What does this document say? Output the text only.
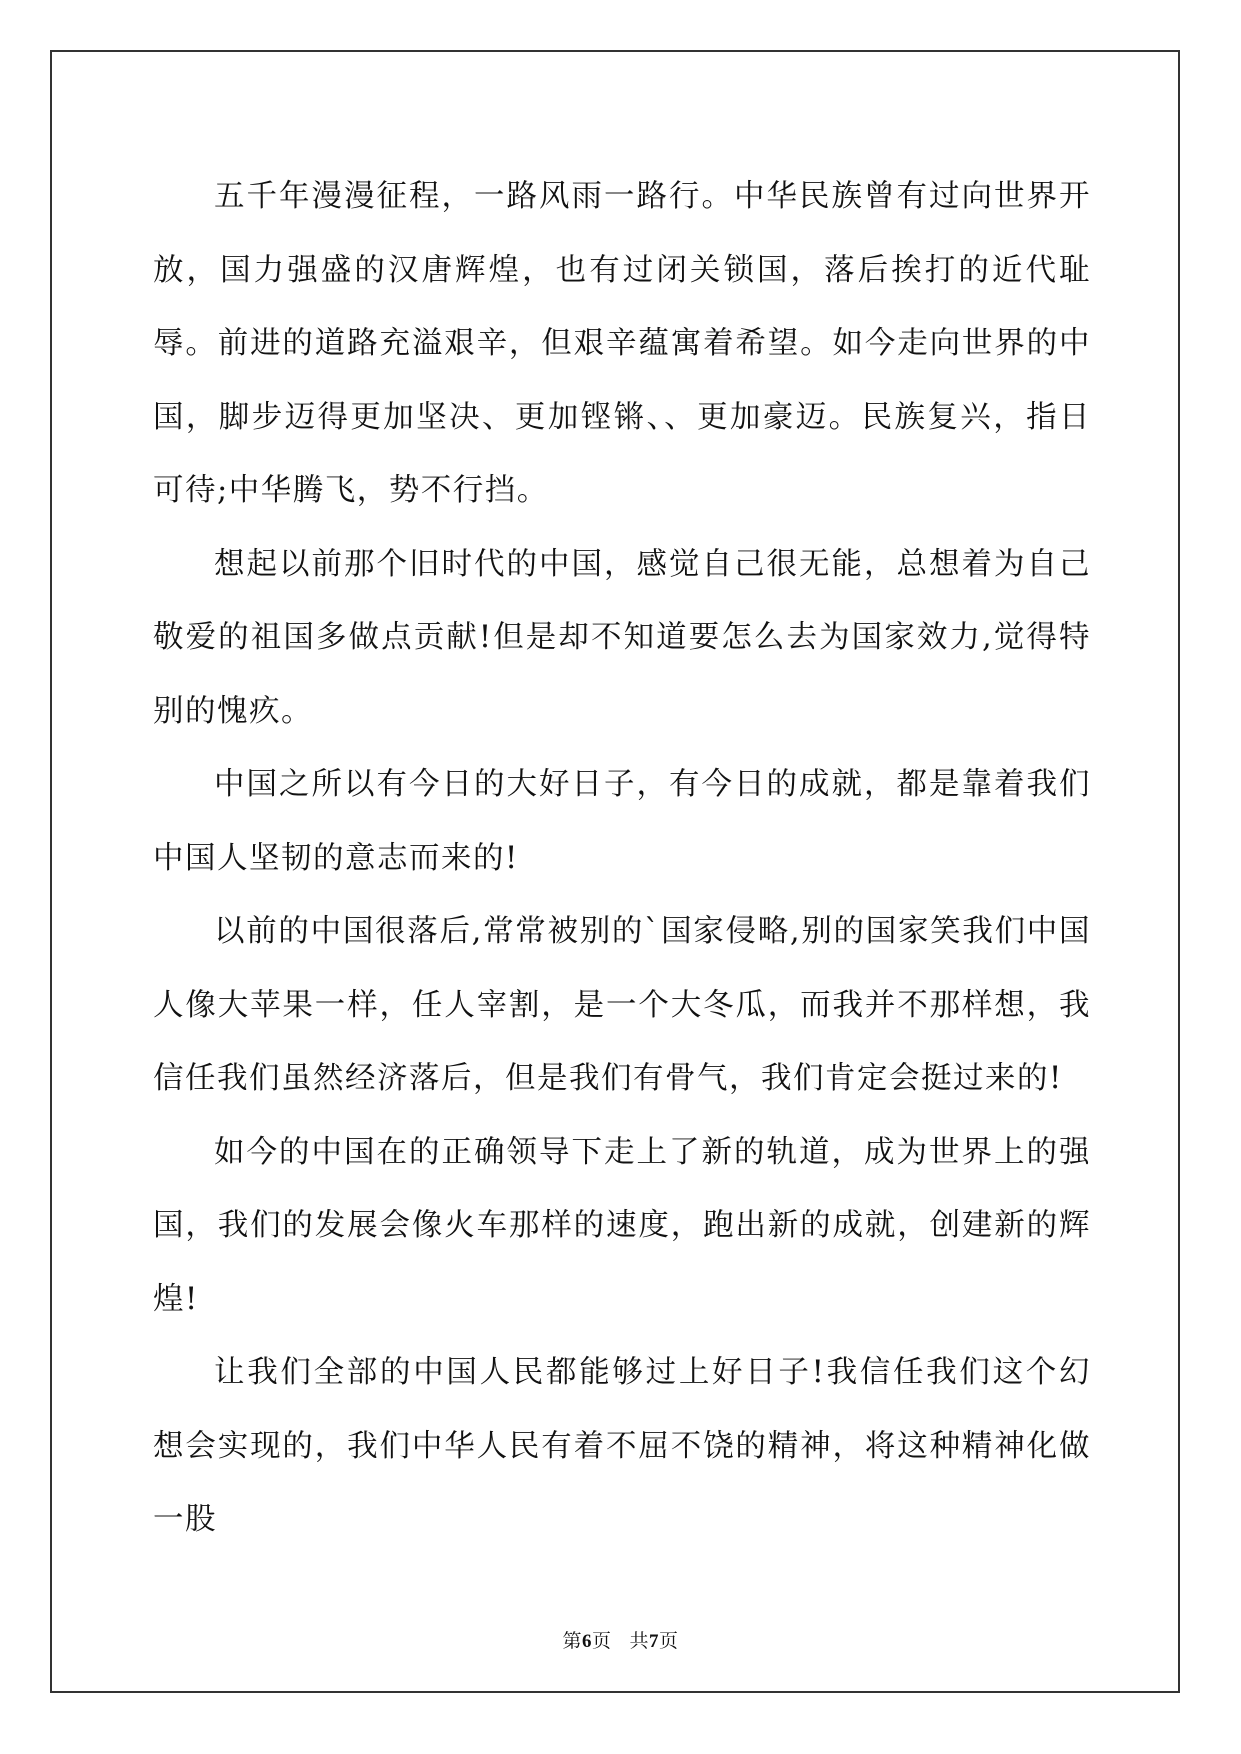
五千年漫漫征程，一路风雨一路行。中华民族曾有过向世界开放，国力强盛的汉唐辉煌，也有过闭关锁国，落后挨打的近代耻辱。前进的道路充溢艰辛，但艰辛蕴寓着希望。如今走向世界的中国，脚步迈得更加坚决、更加铿锵、、更加豪迈。民族复兴，指日可待;中华腾飞，势不行挡。

想起以前那个旧时代的中国，感觉自己很无能，总想着为自己敬爱的祖国多做点贡献!但是却不知道要怎么去为国家效力,觉得特别的愧疚。

中国之所以有今日的大好日子，有今日的成就，都是靠着我们中国人坚韧的意志而来的!

以前的中国很落后,常常被别的`国家侵略,别的国家笑我们中国人像大苹果一样，任人宰割，是一个大冬瓜，而我并不那样想，我信任我们虽然经济落后，但是我们有骨气，我们肯定会挺过来的!

如今的中国在的正确领导下走上了新的轨道，成为世界上的强国，我们的发展会像火车那样的速度，跑出新的成就，创建新的辉煌!

让我们全部的中国人民都能够过上好日子!我信任我们这个幻想会实现的，我们中华人民有着不屈不饶的精神，将这种精神化做一股

第6页 共7页
